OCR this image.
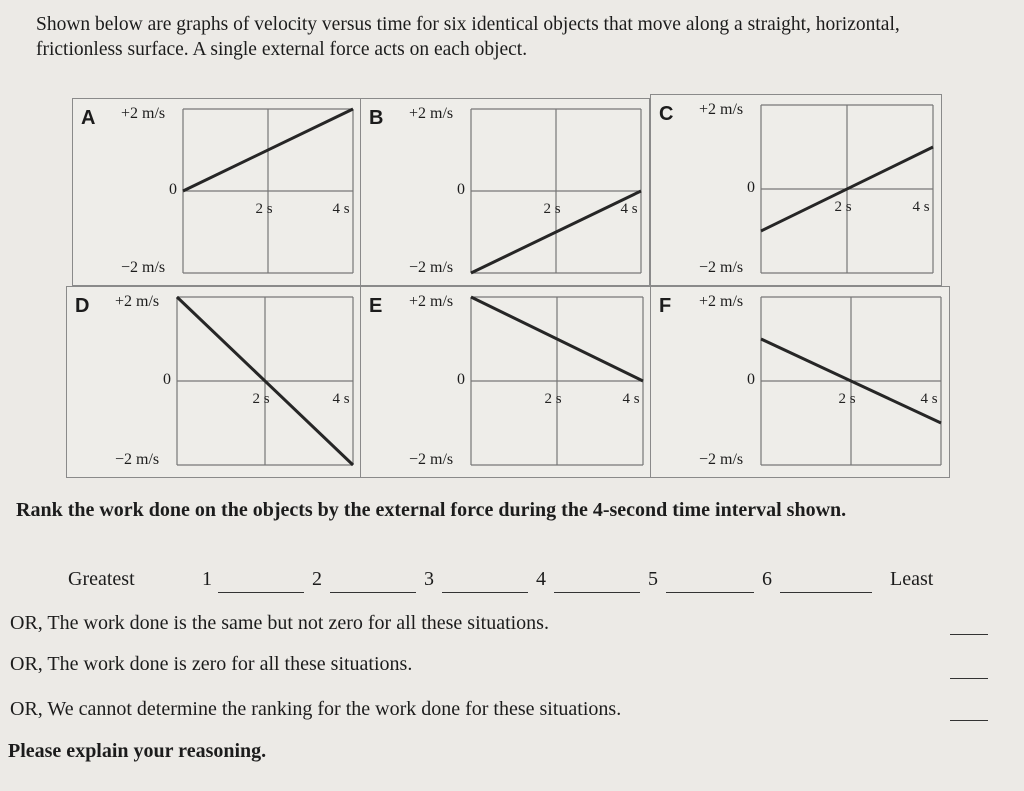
Shown below are graphs of velocity versus time for six identical objects that move along a straight, horizontal, frictionless surface. A single external force acts on each object.
A +2 m/s
−2 m/s
0
2 s	4 s
B +2 m/s
−2 m/s
0
2 s	4 s
C +2 m/s
−2 m/s
0
2 s	4 s
D +2 m/s
−2 m/s
0
2 s	4 s
E +2 m/s
−2 m/s
0
2 s	4 s
F +2 m/s
−2 m/s
0
2 s	4 s
Rank the work done on the objects by the external force during the 4-second time interval shown.
Greatest	1	2	3	4	5	6	Least
OR, The work done is the same but not zero for all these situations.
OR, The work done is zero for all these situations.
OR, We cannot determine the ranking for the work done for these situations.
Please explain your reasoning.
